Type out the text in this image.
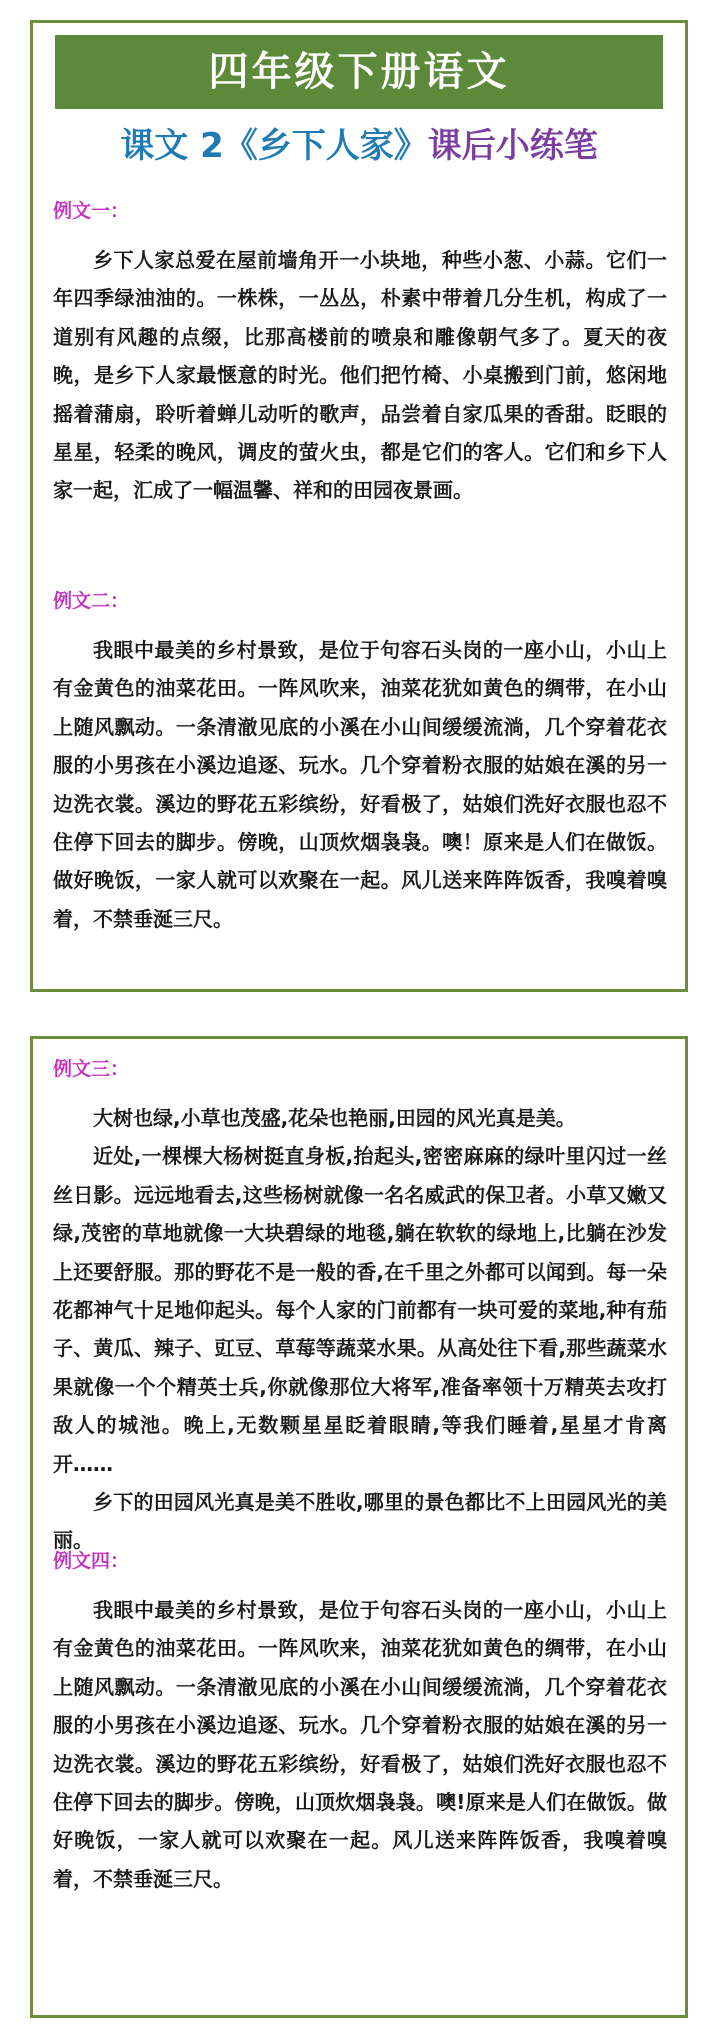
四年级下册语文
课文 2《乡下人家》课后小练笔
例文一：

乡下人家总爱在屋前墙角开一小块地，种些小葱、小蒜。它们一年四季绿油油的。一株株，一丛丛，朴素中带着几分生机，构成了一道别有风趣的点缀，比那高楼前的喷泉和雕像朝气多了。夏天的夜晚，是乡下人家最惬意的时光。他们把竹椅、小桌搬到门前，悠闲地摇着蒲扇，聆听着蝉儿动听的歌声，品尝着自家瓜果的香甜。眨眼的星星，轻柔的晚风，调皮的萤火虫，都是它们的客人。它们和乡下人家一起，汇成了一幅温馨、祥和的田园夜景画。

例文二：

我眼中最美的乡村景致，是位于句容石头岗的一座小山，小山上有金黄色的油菜花田。一阵风吹来，油菜花犹如黄色的绸带，在小山上随风飘动。一条清澈见底的小溪在小山间缓缓流淌，几个穿着花衣服的小男孩在小溪边追逐、玩水。几个穿着粉衣服的姑娘在溪的另一边洗衣裳。溪边的野花五彩缤纷，好看极了，姑娘们洗好衣服也忍不住停下回去的脚步。傍晚，山顶炊烟袅袅。噢！原来是人们在做饭。做好晚饭，一家人就可以欢聚在一起。风儿送来阵阵饭香，我嗅着嗅着，不禁垂涎三尺。

例文三：

大树也绿,小草也茂盛,花朵也艳丽,田园的风光真是美。

近处,一棵棵大杨树挺直身板,抬起头,密密麻麻的绿叶里闪过一丝丝日影。远远地看去,这些杨树就像一名名威武的保卫者。小草又嫩又绿,茂密的草地就像一大块碧绿的地毯,躺在软软的绿地上,比躺在沙发上还要舒服。那的野花不是一般的香,在千里之外都可以闻到。每一朵花都神气十足地仰起头。每个人家的门前都有一块可爱的菜地,种有茄子、黄瓜、辣子、豇豆、草莓等蔬菜水果。从高处往下看,那些蔬菜水果就像一个个精英士兵,你就像那位大将军,准备率领十万精英去攻打敌人的城池。晚上,无数颗星星眨着眼睛,等我们睡着,星星才肯离开……

乡下的田园风光真是美不胜收,哪里的景色都比不上田园风光的美丽。

例文四：

我眼中最美的乡村景致，是位于句容石头岗的一座小山，小山上有金黄色的油菜花田。一阵风吹来，油菜花犹如黄色的绸带，在小山上随风飘动。一条清澈见底的小溪在小山间缓缓流淌，几个穿着花衣服的小男孩在小溪边追逐、玩水。几个穿着粉衣服的姑娘在溪的另一边洗衣裳。溪边的野花五彩缤纷，好看极了，姑娘们洗好衣服也忍不住停下回去的脚步。傍晚，山顶炊烟袅袅。噢!原来是人们在做饭。做好晚饭，一家人就可以欢聚在一起。风儿送来阵阵饭香，我嗅着嗅着，不禁垂涎三尺。
